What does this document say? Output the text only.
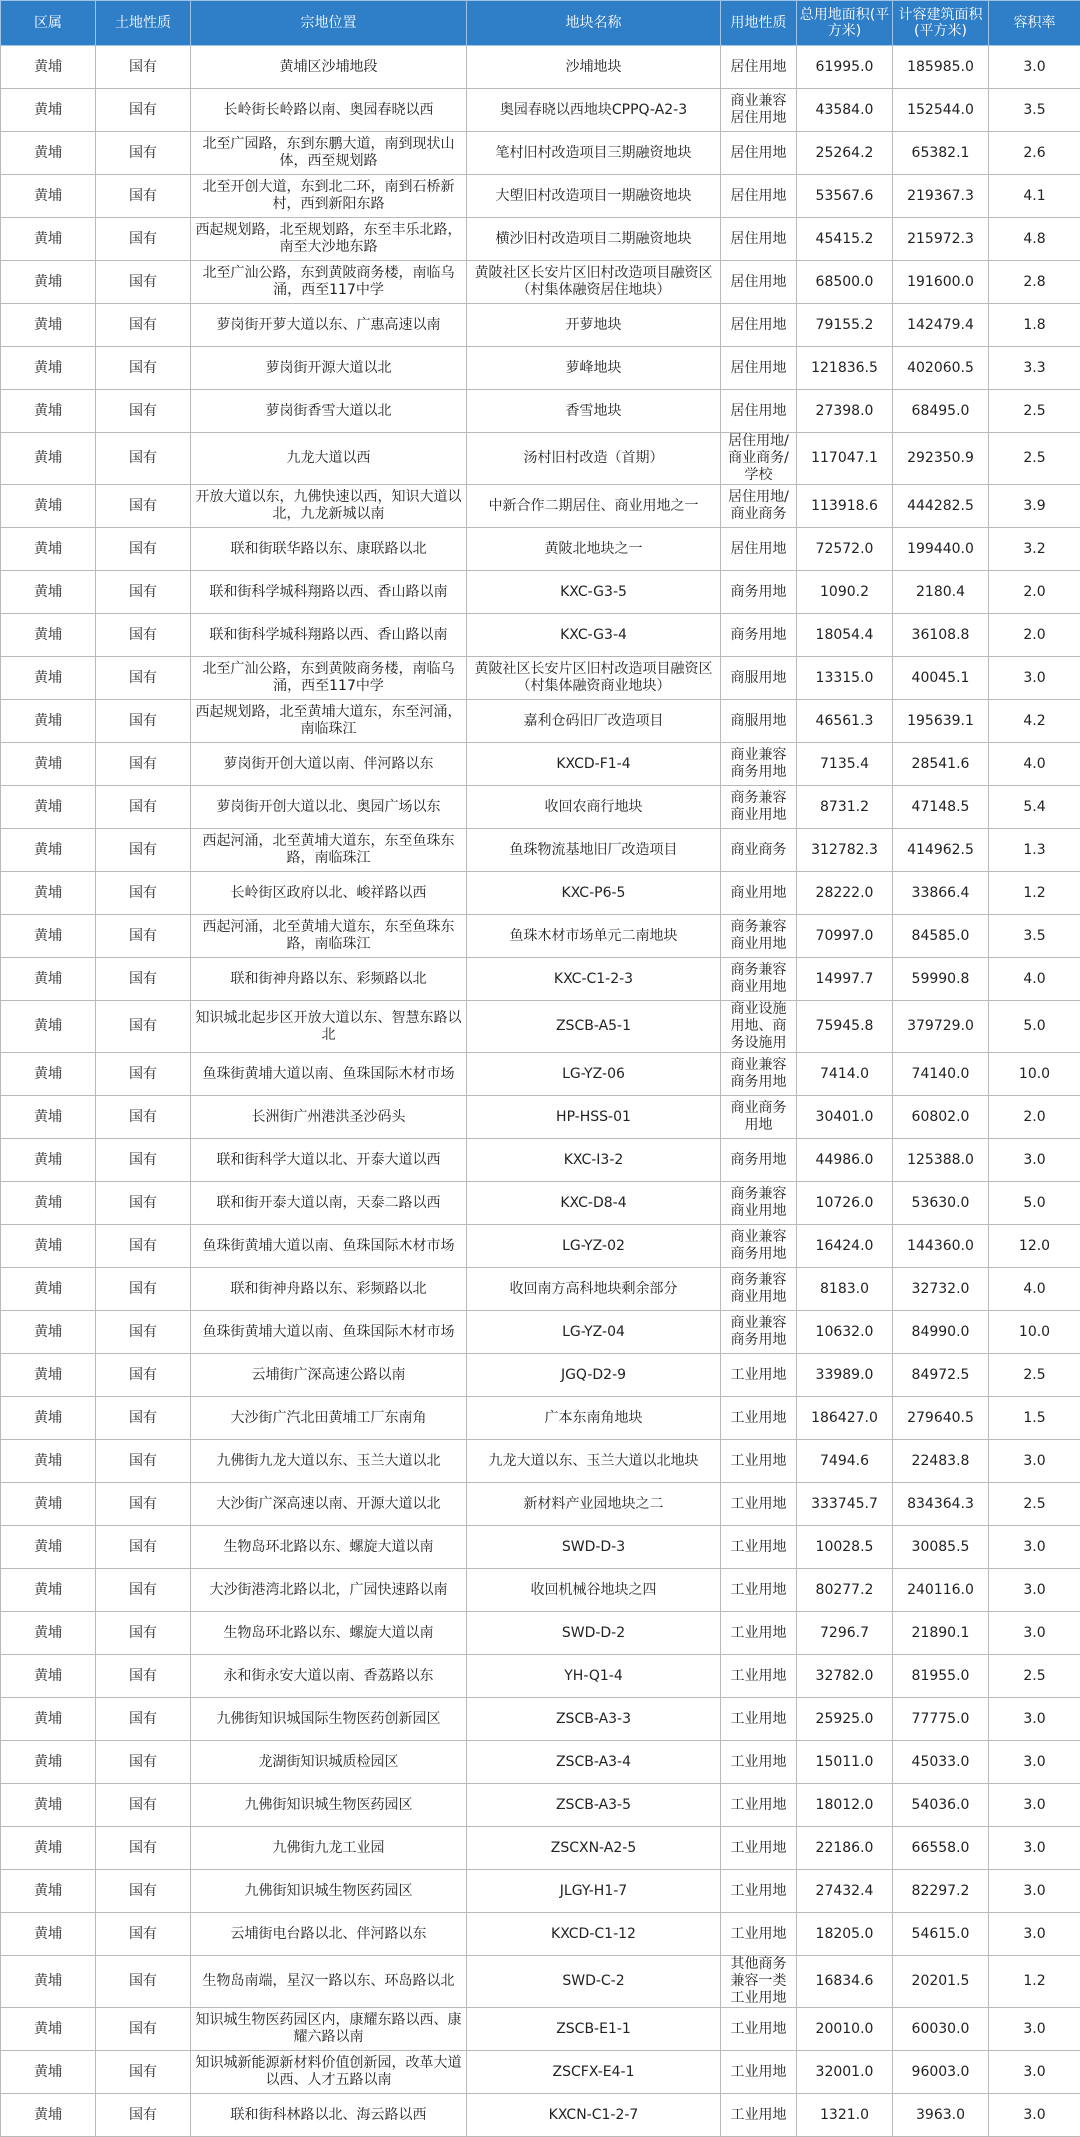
区属	土地性质	宗地位置	地块名称	用地性质	总用地面积(平方米)	计容建筑面积(平方米)	容积率
黄埔	国有	黄埔区沙埔地段	沙埔地块	居住用地	61995.0	185985.0	3.0
黄埔	国有	长岭街长岭路以南、奥园春晓以西	奥园春晓以西地块CPPQ-A2-3	商业兼容居住用地	43584.0	152544.0	3.5
黄埔	国有	北至广园路，东到东鹏大道，南到现状山体，西至规划路	笔村旧村改造项目三期融资地块	居住用地	25264.2	65382.1	2.6
黄埔	国有	北至开创大道，东到北二环，南到石桥新村，西到新阳东路	大塱旧村改造项目一期融资地块	居住用地	53567.6	219367.3	4.1
黄埔	国有	西起规划路，北至规划路，东至丰乐北路，南至大沙地东路	横沙旧村改造项目二期融资地块	居住用地	45415.2	215972.3	4.8
黄埔	国有	北至广汕公路，东到黄陂商务楼，南临乌涌，西至117中学	黄陂社区长安片区旧村改造项目融资区（村集体融资居住地块）	居住用地	68500.0	191600.0	2.8
黄埔	国有	萝岗街开萝大道以东、广惠高速以南	开萝地块	居住用地	79155.2	142479.4	1.8
黄埔	国有	萝岗街开源大道以北	萝峰地块	居住用地	121836.5	402060.5	3.3
黄埔	国有	萝岗街香雪大道以北	香雪地块	居住用地	27398.0	68495.0	2.5
黄埔	国有	九龙大道以西	汤村旧村改造（首期）	居住用地/商业商务/学校	117047.1	292350.9	2.5
黄埔	国有	开放大道以东，九佛快速以西，知识大道以北，九龙新城以南	中新合作二期居住、商业用地之一	居住用地/商业商务	113918.6	444282.5	3.9
黄埔	国有	联和街联华路以东、康联路以北	黄陂北地块之一	居住用地	72572.0	199440.0	3.2
黄埔	国有	联和街科学城科翔路以西、香山路以南	KXC-G3-5	商务用地	1090.2	2180.4	2.0
黄埔	国有	联和街科学城科翔路以西、香山路以南	KXC-G3-4	商务用地	18054.4	36108.8	2.0
黄埔	国有	北至广汕公路，东到黄陂商务楼，南临乌涌，西至117中学	黄陂社区长安片区旧村改造项目融资区（村集体融资商业地块）	商服用地	13315.0	40045.1	3.0
黄埔	国有	西起规划路，北至黄埔大道东，东至河涌，南临珠江	嘉利仓码旧厂改造项目	商服用地	46561.3	195639.1	4.2
黄埔	国有	萝岗街开创大道以南、伴河路以东	KXCD-F1-4	商业兼容商务用地	7135.4	28541.6	4.0
黄埔	国有	萝岗街开创大道以北、奥园广场以东	收回农商行地块	商务兼容商业用地	8731.2	47148.5	5.4
黄埔	国有	西起河涌，北至黄埔大道东，东至鱼珠东路，南临珠江	鱼珠物流基地旧厂改造项目	商业商务	312782.3	414962.5	1.3
黄埔	国有	长岭街区政府以北、峻祥路以西	KXC-P6-5	商业用地	28222.0	33866.4	1.2
黄埔	国有	西起河涌，北至黄埔大道东，东至鱼珠东路，南临珠江	鱼珠木材市场单元二南地块	商务兼容商业用地	70997.0	84585.0	3.5
黄埔	国有	联和街神舟路以东、彩频路以北	KXC-C1-2-3	商务兼容商业用地	14997.7	59990.8	4.0
黄埔	国有	知识城北起步区开放大道以东、智慧东路以北	ZSCB-A5-1	商业设施用地、商务设施用	75945.8	379729.0	5.0
黄埔	国有	鱼珠街黄埔大道以南、鱼珠国际木材市场	LG-YZ-06	商业兼容商务用地	7414.0	74140.0	10.0
黄埔	国有	长洲街广州港洪圣沙码头	HP-HSS-01	商业商务用地	30401.0	60802.0	2.0
黄埔	国有	联和街科学大道以北、开泰大道以西	KXC-I3-2	商务用地	44986.0	125388.0	3.0
黄埔	国有	联和街开泰大道以南，天泰二路以西	KXC-D8-4	商务兼容商业用地	10726.0	53630.0	5.0
黄埔	国有	鱼珠街黄埔大道以南、鱼珠国际木材市场	LG-YZ-02	商业兼容商务用地	16424.0	144360.0	12.0
黄埔	国有	联和街神舟路以东、彩频路以北	收回南方高科地块剩余部分	商务兼容商业用地	8183.0	32732.0	4.0
黄埔	国有	鱼珠街黄埔大道以南、鱼珠国际木材市场	LG-YZ-04	商业兼容商务用地	10632.0	84990.0	10.0
黄埔	国有	云埔街广深高速公路以南	JGQ-D2-9	工业用地	33989.0	84972.5	2.5
黄埔	国有	大沙街广汽北田黄埔工厂东南角	广本东南角地块	工业用地	186427.0	279640.5	1.5
黄埔	国有	九佛街九龙大道以东、玉兰大道以北	九龙大道以东、玉兰大道以北地块	工业用地	7494.6	22483.8	3.0
黄埔	国有	大沙街广深高速以南、开源大道以北	新材料产业园地块之二	工业用地	333745.7	834364.3	2.5
黄埔	国有	生物岛环北路以东、螺旋大道以南	SWD-D-3	工业用地	10028.5	30085.5	3.0
黄埔	国有	大沙街港湾北路以北，广园快速路以南	收回机械谷地块之四	工业用地	80277.2	240116.0	3.0
黄埔	国有	生物岛环北路以东、螺旋大道以南	SWD-D-2	工业用地	7296.7	21890.1	3.0
黄埔	国有	永和街永安大道以南、香荔路以东	YH-Q1-4	工业用地	32782.0	81955.0	2.5
黄埔	国有	九佛街知识城国际生物医药创新园区	ZSCB-A3-3	工业用地	25925.0	77775.0	3.0
黄埔	国有	龙湖街知识城质检园区	ZSCB-A3-4	工业用地	15011.0	45033.0	3.0
黄埔	国有	九佛街知识城生物医药园区	ZSCB-A3-5	工业用地	18012.0	54036.0	3.0
黄埔	国有	九佛街九龙工业园	ZSCXN-A2-5	工业用地	22186.0	66558.0	3.0
黄埔	国有	九佛街知识城生物医药园区	JLGY-H1-7	工业用地	27432.4	82297.2	3.0
黄埔	国有	云埔街电台路以北、伴河路以东	KXCD-C1-12	工业用地	18205.0	54615.0	3.0
黄埔	国有	生物岛南端，星汉一路以东、环岛路以北	SWD-C-2	其他商务兼容一类工业用地	16834.6	20201.5	1.2
黄埔	国有	知识城生物医药园区内，康耀东路以西、康耀六路以南	ZSCB-E1-1	工业用地	20010.0	60030.0	3.0
黄埔	国有	知识城新能源新材料价值创新园，改革大道以西、人才五路以南	ZSCFX-E4-1	工业用地	32001.0	96003.0	3.0
黄埔	国有	联和街科林路以北、海云路以西	KXCN-C1-2-7	工业用地	1321.0	3963.0	3.0
